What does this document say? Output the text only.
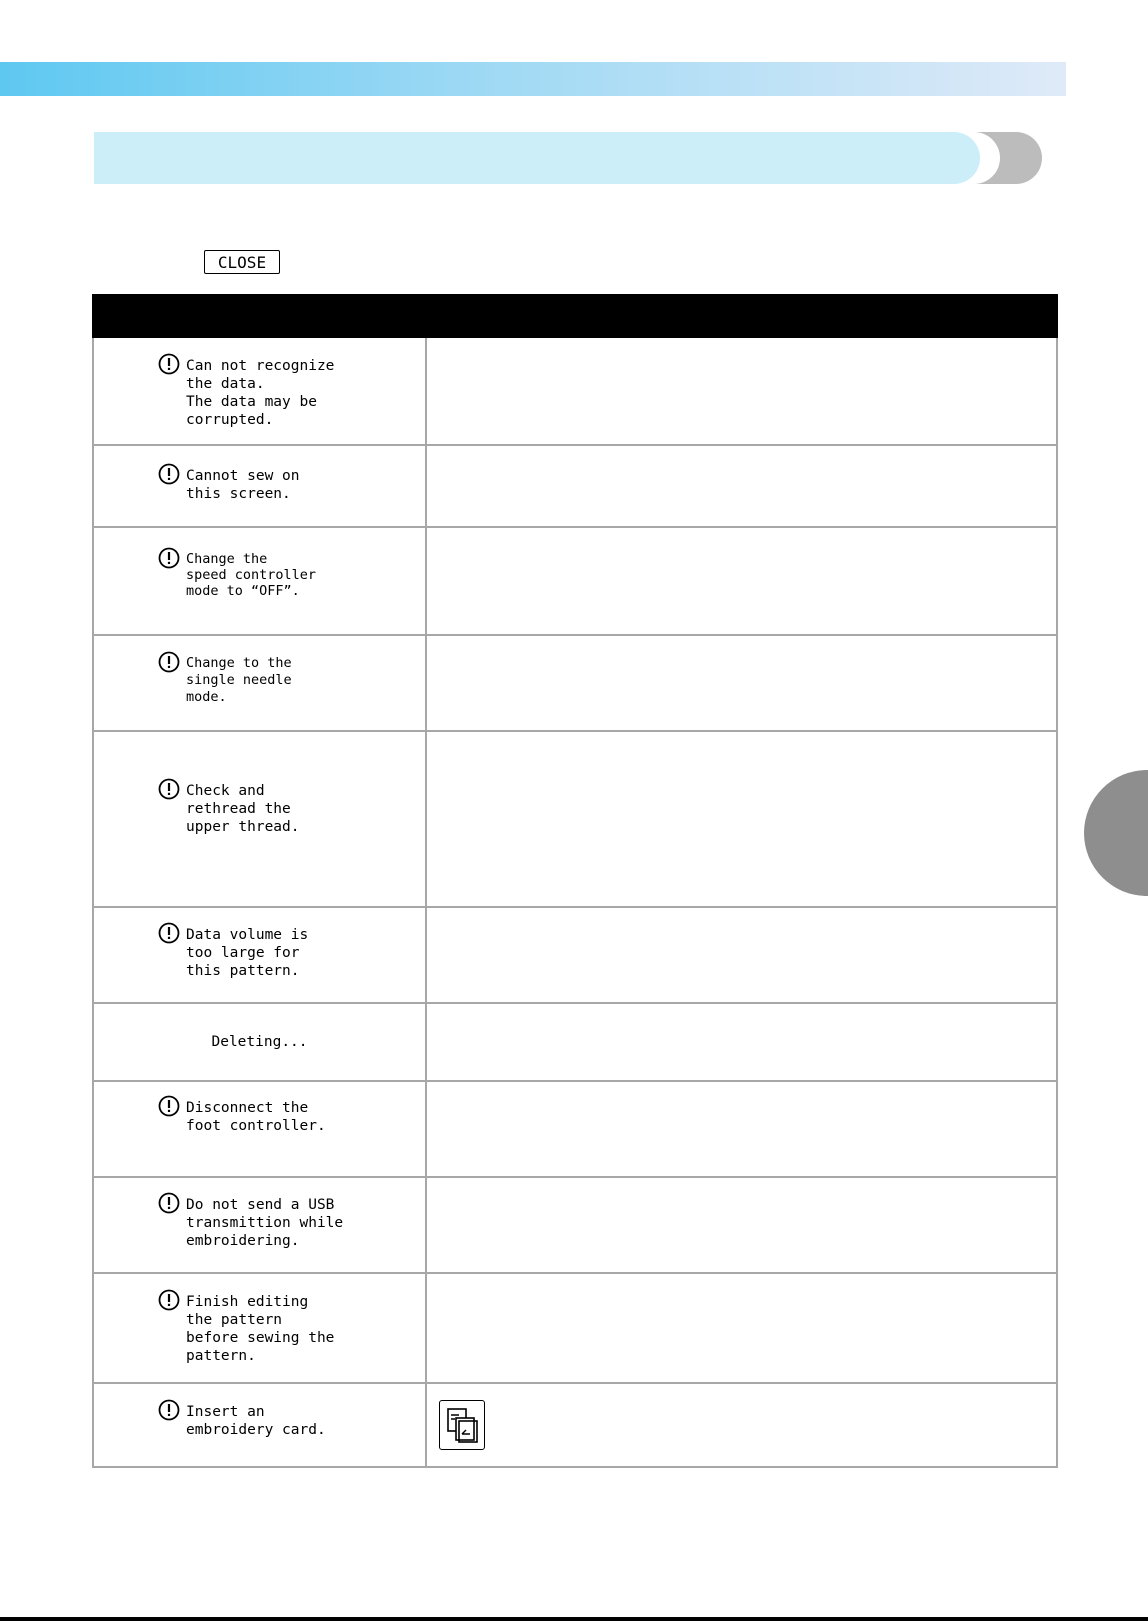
CLOSE

Can not recognize
the data.
The data may be
corrupted.	

Cannot sew on
this screen.	

Change the
speed controller
mode to “OFF”.	

Change to the
single needle
mode.	

Check and
rethread the
upper thread.	

Data volume is
too large for
this pattern.	

Deleting...	

Disconnect the
foot controller.	

Do not send a USB
transmittion while
embroidering.	

Finish editing
the pattern
before sewing the
pattern.	

Insert an
embroidery card.
